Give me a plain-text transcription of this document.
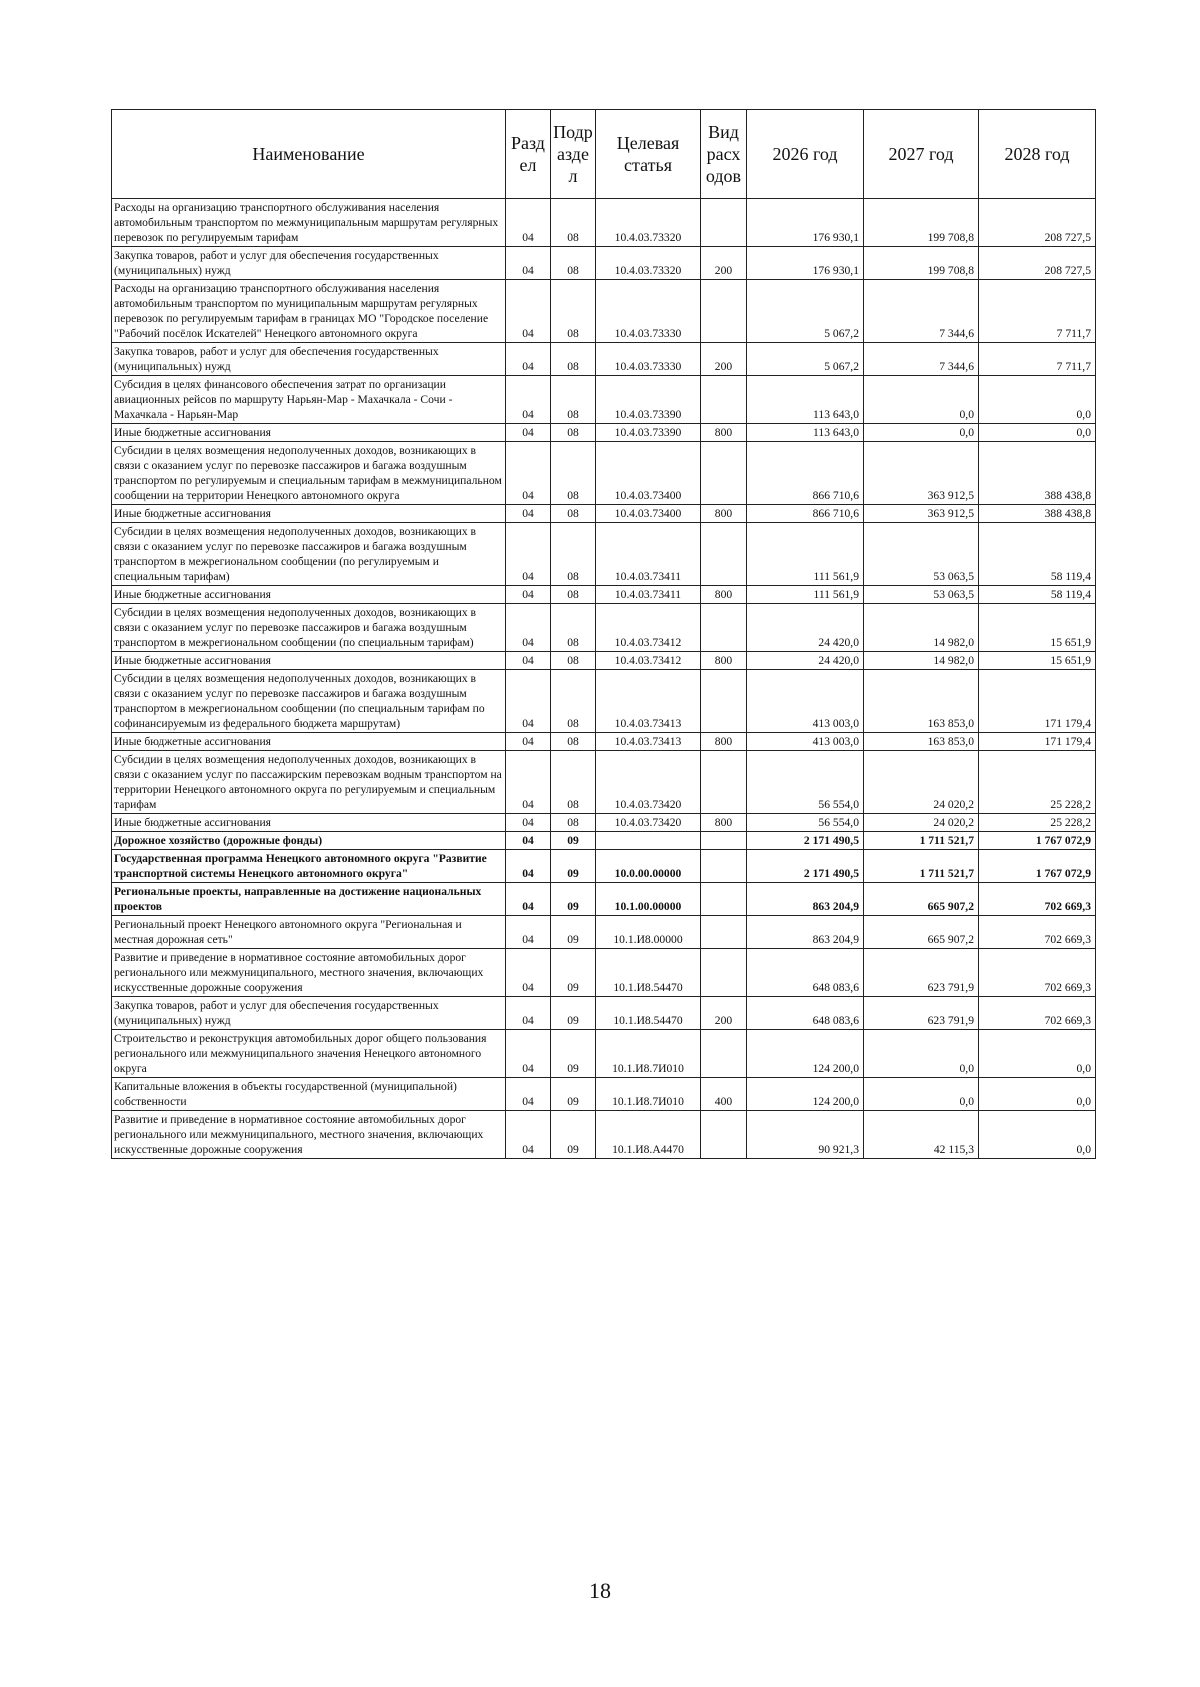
Наименование	Разд ел	Подр азде л	Целевая статья	Вид расх одов	2026 год	2027 год	2028 год
Расходы на организацию транспортного обслуживания населения автомобильным транспортом по межмуниципальным маршрутам регулярных перевозок по регулируемым тарифам	04	08	10.4.03.73320		176 930,1	199 708,8	208 727,5
Закупка товаров, работ и услуг для обеспечения государственных (муниципальных) нужд	04	08	10.4.03.73320	200	176 930,1	199 708,8	208 727,5
Расходы на организацию транспортного обслуживания населения автомобильным транспортом по муниципальным маршрутам регулярных перевозок по регулируемым тарифам в границах МО "Городское поселение "Рабочий посёлок Искателей" Ненецкого автономного округа	04	08	10.4.03.73330		5 067,2	7 344,6	7 711,7
Закупка товаров, работ и услуг для обеспечения государственных (муниципальных) нужд	04	08	10.4.03.73330	200	5 067,2	7 344,6	7 711,7
Субсидия в целях финансового обеспечения затрат по организации авиационных рейсов по маршруту Нарьян-Мар - Махачкала - Сочи - Махачкала - Нарьян-Мар	04	08	10.4.03.73390		113 643,0	0,0	0,0
Иные бюджетные ассигнования	04	08	10.4.03.73390	800	113 643,0	0,0	0,0
Субсидии в целях возмещения недополученных доходов, возникающих в связи с оказанием услуг по перевозке пассажиров и багажа воздушным транспортом по регулируемым и специальным тарифам в межмуниципальном сообщении на территории Ненецкого автономного округа	04	08	10.4.03.73400		866 710,6	363 912,5	388 438,8
Иные бюджетные ассигнования	04	08	10.4.03.73400	800	866 710,6	363 912,5	388 438,8
Субсидии в целях возмещения недополученных доходов, возникающих в связи с оказанием услуг по перевозке пассажиров и багажа воздушным транспортом в межрегиональном сообщении (по регулируемым и специальным тарифам)	04	08	10.4.03.73411		111 561,9	53 063,5	58 119,4
Иные бюджетные ассигнования	04	08	10.4.03.73411	800	111 561,9	53 063,5	58 119,4
Субсидии в целях возмещения недополученных доходов, возникающих в связи с оказанием услуг по перевозке пассажиров и багажа воздушным транспортом в межрегиональном сообщении (по специальным тарифам)	04	08	10.4.03.73412		24 420,0	14 982,0	15 651,9
Иные бюджетные ассигнования	04	08	10.4.03.73412	800	24 420,0	14 982,0	15 651,9
Субсидии в целях возмещения недополученных доходов, возникающих в связи с оказанием услуг по перевозке пассажиров и багажа воздушным транспортом в межрегиональном сообщении (по специальным тарифам по софинансируемым из федерального бюджета маршрутам)	04	08	10.4.03.73413		413 003,0	163 853,0	171 179,4
Иные бюджетные ассигнования	04	08	10.4.03.73413	800	413 003,0	163 853,0	171 179,4
Субсидии в целях возмещения недополученных доходов, возникающих в связи с оказанием услуг по пассажирским перевозкам водным транспортом на территории Ненецкого автономного округа по регулируемым и специальным тарифам	04	08	10.4.03.73420		56 554,0	24 020,2	25 228,2
Иные бюджетные ассигнования	04	08	10.4.03.73420	800	56 554,0	24 020,2	25 228,2
Дорожное хозяйство (дорожные фонды)	04	09			2 171 490,5	1 711 521,7	1 767 072,9
Государственная программа Ненецкого автономного округа "Развитие транспортной системы Ненецкого автономного округа"	04	09	10.0.00.00000		2 171 490,5	1 711 521,7	1 767 072,9
Региональные проекты, направленные на достижение национальных проектов	04	09	10.1.00.00000		863 204,9	665 907,2	702 669,3
Региональный проект Ненецкого автономного округа "Региональная и местная дорожная сеть"	04	09	10.1.И8.00000		863 204,9	665 907,2	702 669,3
Развитие и приведение в нормативное состояние автомобильных дорог регионального или межмуниципального, местного значения, включающих искусственные дорожные сооружения	04	09	10.1.И8.54470		648 083,6	623 791,9	702 669,3
Закупка товаров, работ и услуг для обеспечения государственных (муниципальных) нужд	04	09	10.1.И8.54470	200	648 083,6	623 791,9	702 669,3
Строительство и реконструкция автомобильных дорог общего пользования регионального или межмуниципального значения Ненецкого автономного округа	04	09	10.1.И8.7И010		124 200,0	0,0	0,0
Капитальные вложения в объекты государственной (муниципальной) собственности	04	09	10.1.И8.7И010	400	124 200,0	0,0	0,0
Развитие и приведение в нормативное состояние автомобильных дорог регионального или межмуниципального, местного значения, включающих искусственные дорожные сооружения	04	09	10.1.И8.А4470		90 921,3	42 115,3	0,0
18
